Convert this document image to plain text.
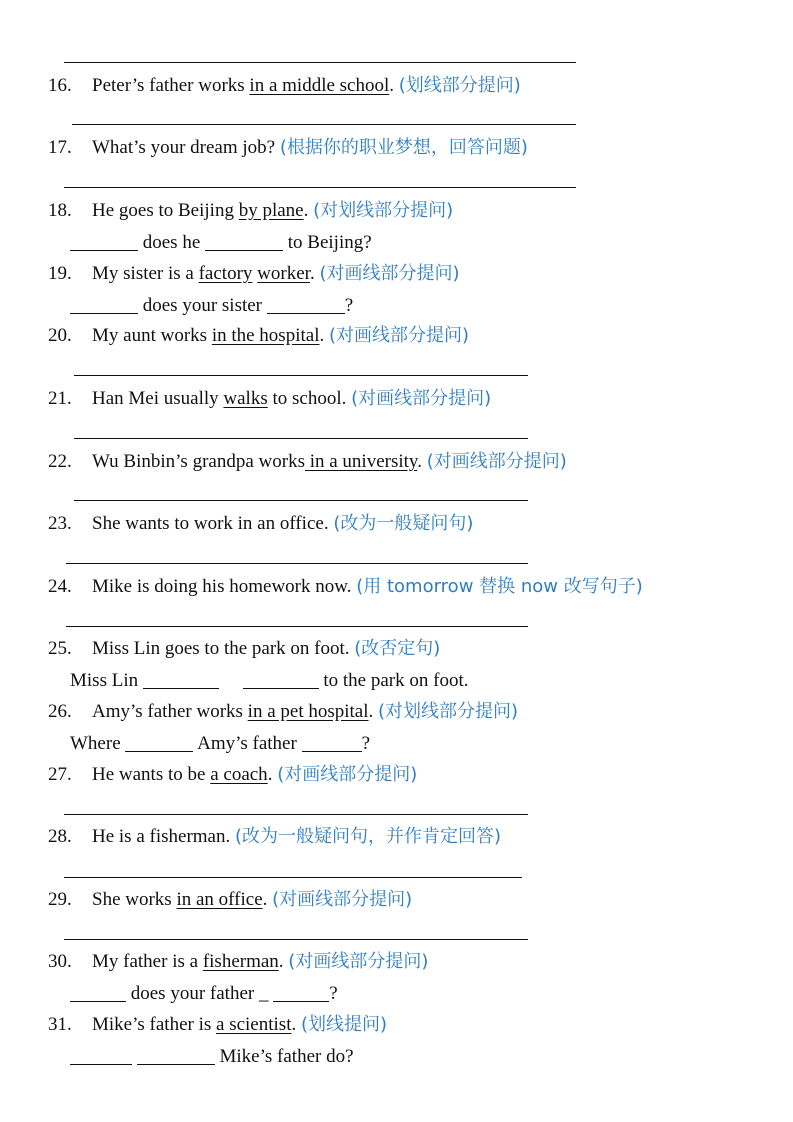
16. Peter’s father works in a middle school. (划线部分提问)
17. What’s your dream job? (根据你的职业梦想，回答问题)
18. He goes to Beijing by plane. (对划线部分提问)
does he	to Beijing?
19. My sister is a factory worker. (对画线部分提问)
does your sister	?
20. My aunt works in the hospital. (对画线部分提问)
21. Han Mei usually walks to school. (对画线部分提问)
22. Wu Binbin’s grandpa works in a university. (对画线部分提问)
23. She wants to work in an office. (改为一般疑问句)
24. Mike is doing his homework now. (用 tomorrow 替换 now 改写句子)
25. Miss Lin goes to the park on foot. (改否定句)
Miss Lin	to the park on foot.
26. Amy’s father works in a pet hospital. (对划线部分提问)
Where	Amy’s father	?
27. He wants to be a coach. (对画线部分提问)
28. He is a fisherman. (改为一般疑问句，并作肯定回答)
29. She works in an office. (对画线部分提问)
30. My father is a fisherman. (对画线部分提问)
does your father _	?
31. Mike’s father is a scientist. (划线提问)
Mike’s father do?
